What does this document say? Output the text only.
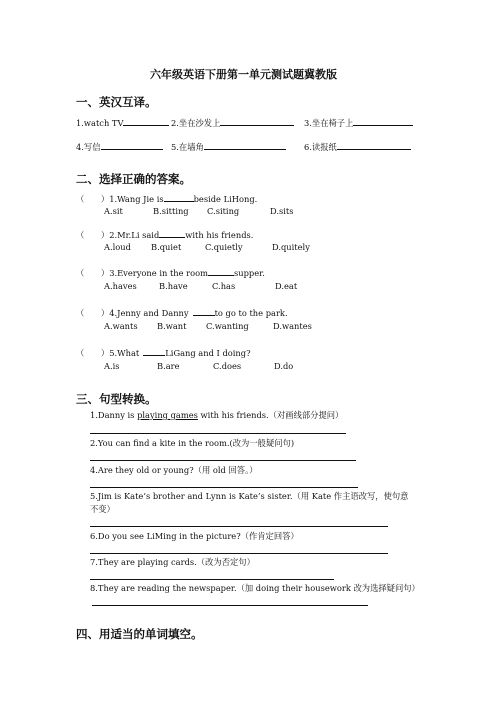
六年级英语下册第一单元测试题冀教版
一、英汉互译。
1.watch TV	2.坐在沙发上	3.坐在椅子上
4.写信	5.在墙角	6.读报纸
二、选择正确的答案。
（　　）1.Wang Jie is	beside LiHong.
A.sit	B.sitting C.siting	D.sits
（　　）2.Mr.Li said	with his friends.
A.loud B.quiet	C.quietly	D.quitely
（　　）3.Everyone in the room	supper.
A.haves	B.have	C.has	D.eat
（　　）4.Jenny and Danny	to go to the park.
A.wants B.want C.wanting	D.wantes
（　　）5.What	LiGang and I doing?
A.is	B.are	C.does	D.do
三、句型转换。
1.Danny is playing games with his friends.（对画线部分提问）
2.You can find a kite in the room.(改为一般疑问句)
4.Are they old or young?（用 old 回答。）
5.Jim is Kate’s brother and Lynn is Kate’s sister.（用 Kate 作主语改写，使句意
不变）
6.Do you see LiMing in the picture?（作肯定回答）
7.They are playing cards.（改为否定句）
8.They are reading the newspaper.（加 doing their housework 改为选择疑问句）
四、用适当的单词填空。
